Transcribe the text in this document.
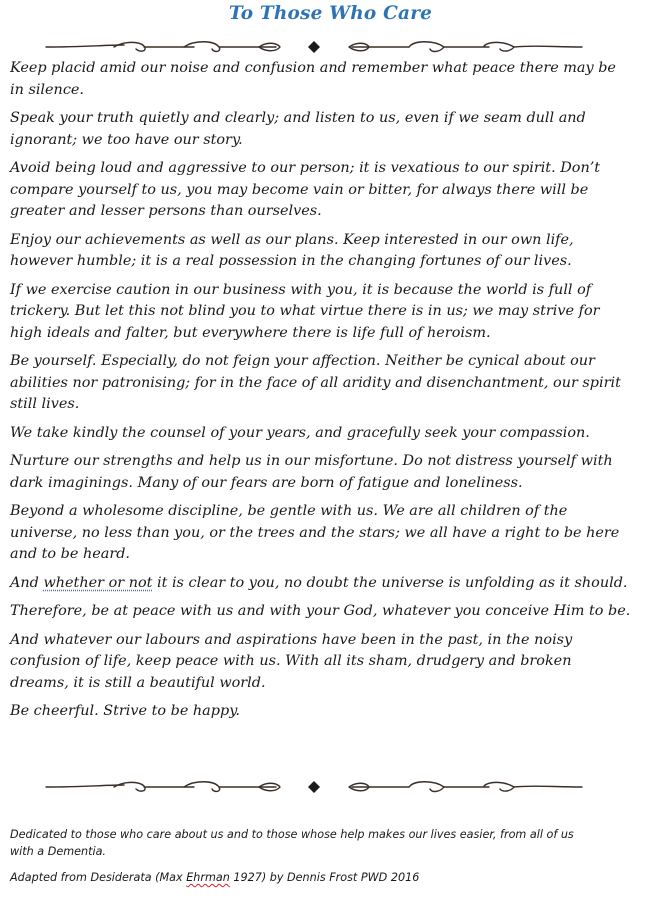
To Those Who Care

Keep placid amid our noise and confusion and remember what peace there may be
in silence.

Speak your truth quietly and clearly; and listen to us, even if we seam dull and
ignorant; we too have our story.

Avoid being loud and aggressive to our person; it is vexatious to our spirit. Don’t
compare yourself to us, you may become vain or bitter, for always there will be
greater and lesser persons than ourselves.

Enjoy our achievements as well as our plans. Keep interested in our own life,
however humble; it is a real possession in the changing fortunes of our lives.

If we exercise caution in our business with you, it is because the world is full of
trickery. But let this not blind you to what virtue there is in us; we may strive for
high ideals and falter, but everywhere there is life full of heroism.

Be yourself. Especially, do not feign your affection. Neither be cynical about our
abilities nor patronising; for in the face of all aridity and disenchantment, our spirit
still lives.

We take kindly the counsel of your years, and gracefully seek your compassion.

Nurture our strengths and help us in our misfortune. Do not distress yourself with
dark imaginings. Many of our fears are born of fatigue and loneliness.

Beyond a wholesome discipline, be gentle with us. We are all children of the
universe, no less than you, or the trees and the stars; we all have a right to be here
and to be heard.

And whether or not it is clear to you, no doubt the universe is unfolding as it should.

Therefore, be at peace with us and with your God, whatever you conceive Him to be.

And whatever our labours and aspirations have been in the past, in the noisy
confusion of life, keep peace with us. With all its sham, drudgery and broken
dreams, it is still a beautiful world.

Be cheerful. Strive to be happy.

Dedicated to those who care about us and to those whose help makes our lives easier, from all of us
with a Dementia.

Adapted from Desiderata (Max Ehrman 1927) by Dennis Frost PWD 2016
